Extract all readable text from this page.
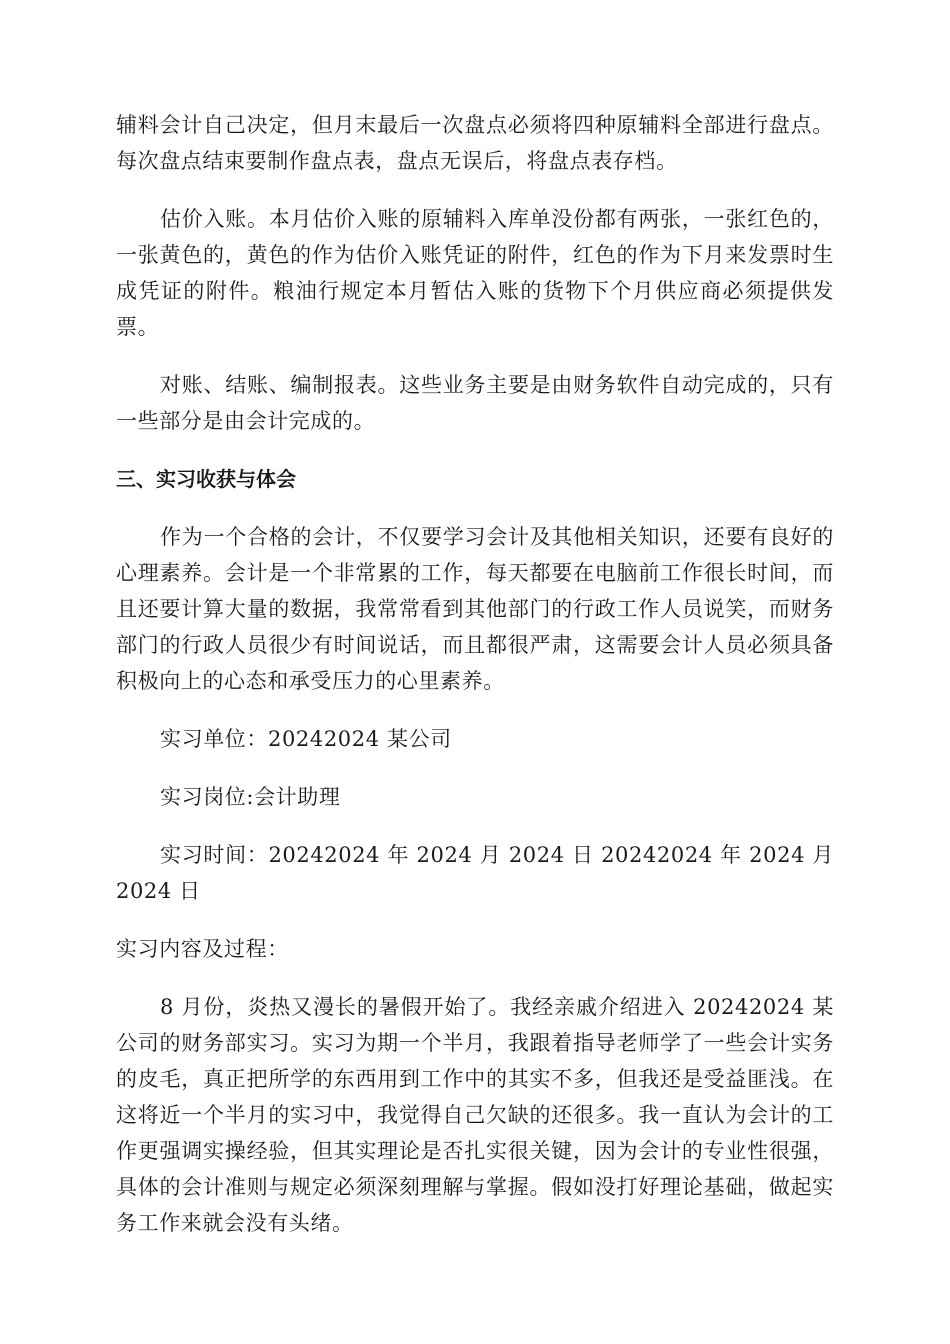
辅料会计自己决定，但月末最后一次盘点必须将四种原辅料全部进行盘点。每次盘点结束要制作盘点表，盘点无误后，将盘点表存档。

估价入账。本月估价入账的原辅料入库单没份都有两张，一张红色的，一张黄色的，黄色的作为估价入账凭证的附件，红色的作为下月来发票时生成凭证的附件。粮油行规定本月暂估入账的货物下个月供应商必须提供发票。

对账、结账、编制报表。这些业务主要是由财务软件自动完成的，只有一些部分是由会计完成的。

三、实习收获与体会

作为一个合格的会计，不仅要学习会计及其他相关知识，还要有良好的心理素养。会计是一个非常累的工作，每天都要在电脑前工作很长时间，而且还要计算大量的数据，我常常看到其他部门的行政工作人员说笑，而财务部门的行政人员很少有时间说话，而且都很严肃，这需要会计人员必须具备积极向上的心态和承受压力的心里素养。

实习单位：20242024 某公司

实习岗位:会计助理

实习时间：20242024 年 2024 月 2024 日 20242024 年 2024 月 2024 日

实习内容及过程：

8 月份，炎热又漫长的暑假开始了。我经亲戚介绍进入 20242024 某公司的财务部实习。实习为期一个半月，我跟着指导老师学了一些会计实务的皮毛，真正把所学的东西用到工作中的其实不多，但我还是受益匪浅。在这将近一个半月的实习中，我觉得自己欠缺的还很多。我一直认为会计的工作更强调实操经验，但其实理论是否扎实很关键，因为会计的专业性很强，具体的会计准则与规定必须深刻理解与掌握。假如没打好理论基础，做起实务工作来就会没有头绪。
